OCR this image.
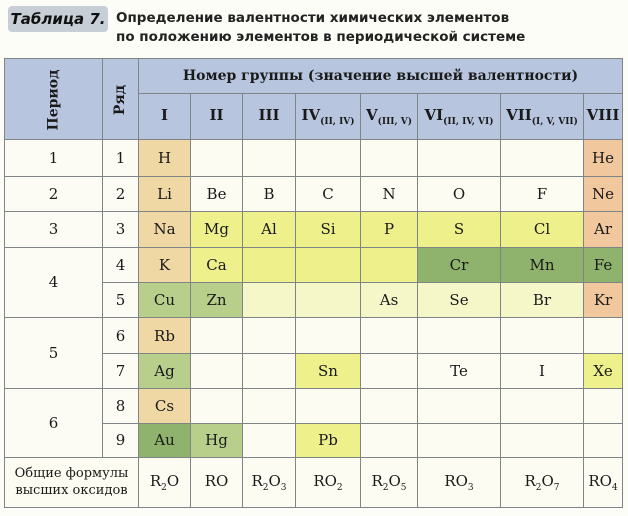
Таблица 7. Определение валентности химических элементов
по положению элементов в периодической системе
Период	Ряд	Номер группы (значение высшей валентности)							
		I	II	III	$IV_{(II, IV)}$	$V_{(III, V)}$	$VI_{(II, IV, VI)}$	$VII_{(I, V, VII)}$	VIII
1	1	H							He
2	2	Li	Be	B	C	N	O	F	Ne
3	3	Na	Mg	Al	Si	P	S	Cl	Ar
4	4	K	Ca				Cr	Mn	Fe
	5	Cu	Zn			As	Se	Br	Kr
5	6	Rb							
	7	Ag			Sn		Te	I	Xe
6	8	Cs							
	9	Au	Hg		Pb				
Общие формулы высших оксидов		$R_2O$	RO	$R_2O_3$	$RO_2$	$R_2O_5$	$RO_3$	$R_2O_7$	$RO_4$
